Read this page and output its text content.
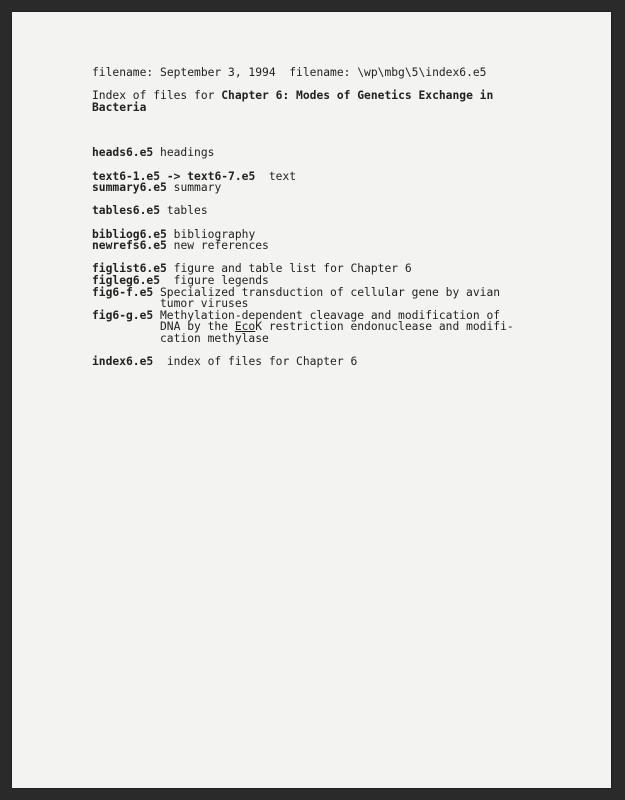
filename: September 3, 1994  filename: \wp\mbg\5\index6.e5
Index of files for Chapter 6: Modes of Genetics Exchange in
Bacteria
heads6.e5 headings
text6-1.e5 -> text6-7.e5 text
summary6.e5 summary
tables6.e5 tables
bibliog6.e5 bibliography
newrefs6.e5 new references
figlist6.e5 figure and table list for Chapter 6
figleg6.e5 figure legends
fig6-f.e5 Specialized transduction of cellular gene by avian
tumor viruses
fig6-g.e5 Methylation-dependent cleavage and modification of
DNA by the EcoK restriction endonuclease and modifi-
cation methylase
index6.e5 index of files for Chapter 6
